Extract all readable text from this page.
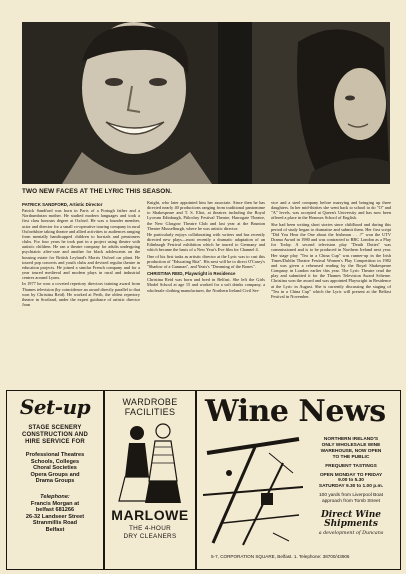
TWO NEW FACES AT THE LYRIC THIS SEASON.

PATRICK SANDFORD, Artistic Director

Patrick Sandford was born in Paris of a Portugh father and a Northumbrian mother. He studied modern languages and took a first class honours degree at Oxford. He was a founder member, actor and director for a small co-operative touring company in rural Oxfordshire taking theatre and allied activities to audiences ranging from mentally handicapped children to borstals and pensioners clubs. For four years he took part in a project using theatre with autistic children. He ran a theatre company for adults undergoing psychiatric after-care and another for black adolescents on the housing estate for British Leyland's Morris Oxford car plant. He toured pop concerts and youth clubs and devised regular theatre in education projects. He joined a similar French company and for a year toured medieval and modern plays in rural and industrial centres around Lyons.

In 1977 he won a coveted repertory directors training award from Thames television (by coincidence an award directly parallel to that won by Christina Reid). He worked at Perth, the oldest repertory theatre in Scotland, under the expert guidance of artistic director Joan

Knight, who later appointed him her associate. Since then he has directed nearly 40 productions ranging from traditional pantomime to Shakespeare and T. S. Eliot, at theatres including the Royal Lyceum Edinburgh, Pitlochry Festival Theatre, Harrogate Theatre, the New Glasgow Theatre Club and last year at the Brunton Theatre Musselburgh, where he was artistic director.

He particularly enjoys collaborating with writers and has recently directed new plays—most recently a dramatic adaptation of an Edinburgh Festival exhibition which he toured to Germany and which became the basis of a New Year's Eve film for Channel 4.

One of his first tasks as artistic director at the Lyric was to cast this production of "Educating Rita". His next will be to direct O'Casey's "Shadow of a Gunman", and Yeats's "Dreaming of the Bones".

CHRISTINA REID, Playwright in Residence

Christina Reid was born and bred in Belfast. She left the Girls Model School at age 15 and worked for a soft drinks company, a wholesale clothing manufacturer, the Northern Ireland Civil Ser-

vice and a steel company before marrying and bringing up three daughters. In her mid-thirties she went back to school to do "O" and "A" levels, was accepted at Queen's University and has now been offered a place in the Honours School of English.

She had been writing short stories since childhood and during this period of study began to dramatise and submit them. Her first script "Did You Hear the One about the Irishman . . .?" won the UTV Drama Award in 1980 and was contracted to BBC London as a Play for Today. A second television play "Death Duties" was commissioned and is to be produced in Northern Ireland next year. Her stage play "Tea in a China Cup" was runner-up in the Irish Times/Dublin Theatre Festival Women's Play Competition in 1982 and was given a rehearsed reading by the Royal Shakespeare Company in London earlier this year. The Lyric Theatre read the play and submitted it for the Thames Television Award Scheme. Christina won the award and was appointed Playwright in Residence at the Lyric in August. She is currently discussing the staging of "Tea in a China Cup" which the Lyric will present at the Belfast Festival in November.

Set-up
STAGE SCENERY
CONSTRUCTION AND
HIRE SERVICE FOR
Professional Theatres
Schools, Colleges
Choral Societies
Opera Groups and
Drama Groups
Telephone:
Francis Morgan at
belfast 681266
26-32 Landseer Street
Stranmillis Road
Belfast
WARDROBE
FACILITIES
MARLOWE
THE 4-HOUR
DRY CLEANERS
Wine News
NORTHERN IRELAND'S
ONLY WHOLESALE WINE
WAREHOUSE, NOW OPEN
TO THE PUBLIC
FREQUENT TASTINGS
OPEN MONDAY TO FRIDAY
9.00 to 5.30
SATURDAY 9.30 to 1.00 p.m.
100 yards from Liverpool Boat
approach from Tomb Street
Direct Wine
Shipments
a development of Duncans
5-7, CORPORATION SQUARE, Belfast. 1. Telephone: 38700/43906
